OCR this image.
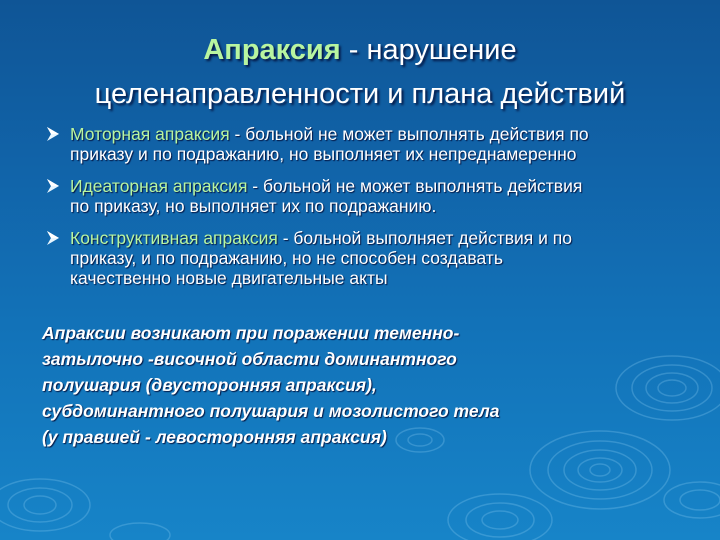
Апраксия - нарушение
целенаправленности и плана действий
Моторная апраксия - больной не может выполнять действия по
приказу и по подражанию, но выполняет их непреднамеренно
Идеаторная апраксия - больной не может выполнять действия
по приказу, но выполняет их по подражанию.
Конструктивная апраксия - больной выполняет действия и по
приказу, и по подражанию, но не способен создавать
качественно новые двигательные акты
Апраксии возникают при поражении теменно-
затылочно -височной области доминантного
полушария (двусторонняя апраксия),
субдоминантного полушария и мозолистого тела
(у правшей - левосторонняя апраксия)
